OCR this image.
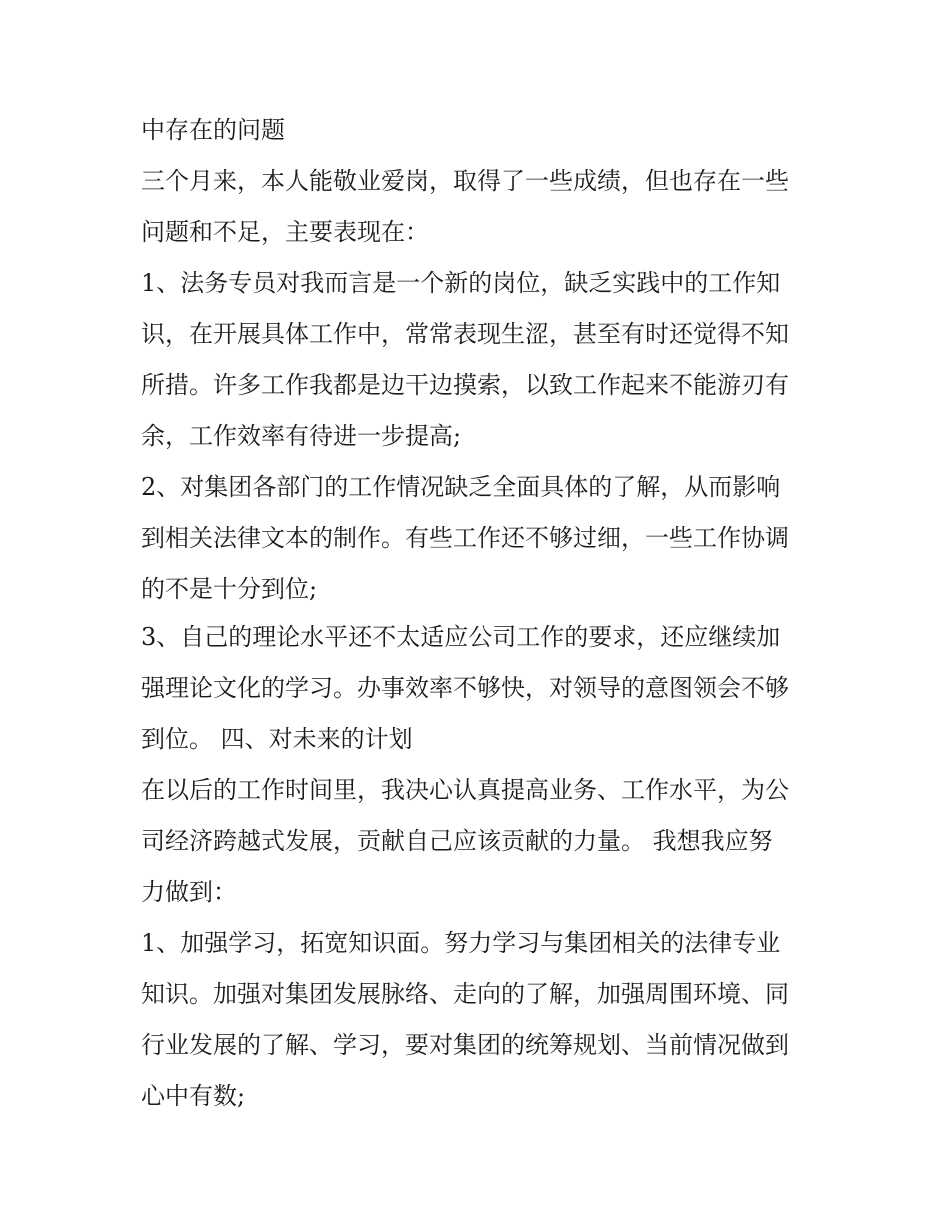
中存在的问题
三个月来，本人能敬业爱岗，取得了一些成绩，但也存在一些
问题和不足，主要表现在：
1、法务专员对我而言是一个新的岗位，缺乏实践中的工作知
识，在开展具体工作中，常常表现生涩，甚至有时还觉得不知
所措。许多工作我都是边干边摸索，以致工作起来不能游刃有
余，工作效率有待进一步提高;
2、对集团各部门的工作情况缺乏全面具体的了解，从而影响
到相关法律文本的制作。有些工作还不够过细，一些工作协调
的不是十分到位;
3、自己的理论水平还不太适应公司工作的要求，还应继续加
强理论文化的学习。办事效率不够快，对领导的意图领会不够
到位。 四、对未来的计划
在以后的工作时间里，我决心认真提高业务、工作水平，为公
司经济跨越式发展，贡献自己应该贡献的力量。 我想我应努
力做到：
1、加强学习，拓宽知识面。努力学习与集团相关的法律专业
知识。加强对集团发展脉络、走向的了解，加强周围环境、同
行业发展的了解、学习，要对集团的统筹规划、当前情况做到
心中有数;
